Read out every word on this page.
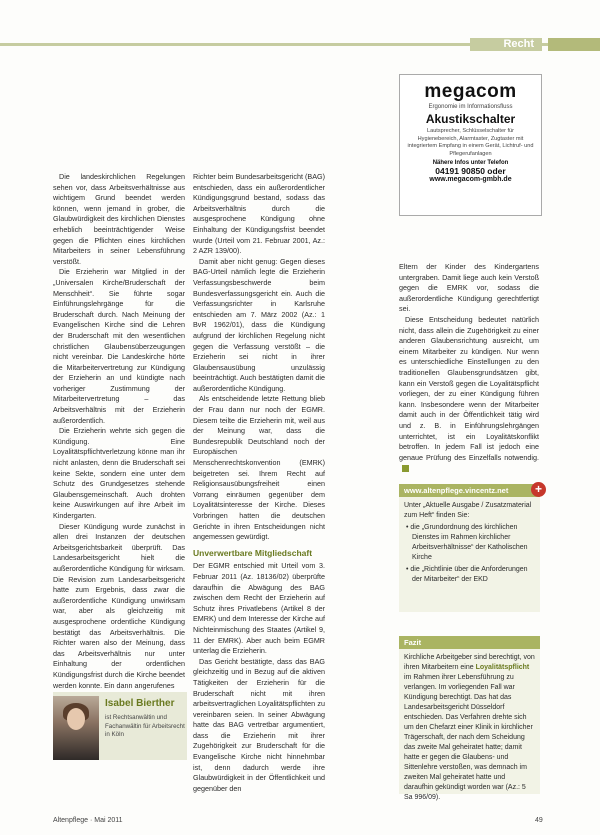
Recht
megacom
Ergonomie im Informationsfluss
Akustikschalter
Lautsprecher, Schlüsselschalter für Hygienebereich, Alarmtaster, Zugtaster mit integriertem Empfang in einem Gerät, Lichtruf- und Pflegerufanlagen
Nähere Infos unter Telefon
04191 90850 oder
www.megacom-gmbh.de

Die landeskirchlichen Regelungen sehen vor, dass Arbeitsverhältnisse aus wichtigem Grund beendet werden können, wenn jemand in grober, die Glaubwürdigkeit des kirchlichen Dienstes erheblich beeinträchtigender Weise gegen die Pflichten eines kirchlichen Mitarbeiters in seiner Lebensführung verstößt.

Die Erzieherin war Mitglied in der „Universalen Kirche/Bruderschaft der Menschheit“. Sie führte sogar Einführungslehrgänge für die Bruderschaft durch. Nach Meinung der Evangelischen Kirche sind die Lehren der Bruderschaft mit den wesentlichen christlichen Glaubensüberzeugungen nicht vereinbar. Die Landeskirche hörte die Mitarbeitervertretung zur Kündigung der Erzieherin an und kündigte nach vorheriger Zustimmung der Mitarbeitervertretung – das Arbeitsverhältnis mit der Erzieherin außerordentlich.

Die Erzieherin wehrte sich gegen die Kündigung. Eine Loyalitätspflichtverletzung könne man ihr nicht anlasten, denn die Bruderschaft sei keine Sekte, sondern eine unter dem Schutz des Grundgesetzes stehende Glaubensgemeinschaft. Auch drohten keine Auswirkungen auf ihre Arbeit im Kindergarten.

Dieser Kündigung wurde zunächst in allen drei Instanzen der deutschen Arbeitsgerichtsbarkeit überprüft. Das Landesarbeitsgericht hielt die außerordentliche Kündigung für wirksam. Die Revision zum Landesarbeitsgericht hatte zum Ergebnis, dass zwar die außerordentliche Kündigung unwirksam war, aber als gleichzeitig mit ausgesprochene ordentliche Kündigung bestätigt das Arbeitsverhältnis. Die Richter waren also der Meinung, dass das Arbeitsverhältnis nur unter Einhaltung der ordentlichen Kündigungsfrist durch die Kirche beendet werden konnte. Ein dann angerufenes

Richter beim Bundesarbeitsgericht (BAG) entschieden, dass ein außerordentlicher Kündigungsgrund bestand, sodass das Arbeitsverhältnis durch die ausgesprochene Kündigung ohne Einhaltung der Kündigungsfrist beendet wurde (Urteil vom 21. Februar 2001, Az.: 2 AZR 139/00).

Damit aber nicht genug: Gegen dieses BAG-Urteil nämlich legte die Erzieherin Verfassungsbeschwerde beim Bundesverfassungsgericht ein. Auch die Verfassungsrichter in Karlsruhe entschieden am 7. März 2002 (Az.: 1 BvR 1962/01), dass die Kündigung aufgrund der kirchlichen Regelung nicht gegen die Verfassung verstößt – die Erzieherin sei nicht in ihrer Glaubensausübung unzulässig beeinträchtigt. Auch bestätigten damit die außerordentliche Kündigung.

Als entscheidende letzte Rettung blieb der Frau dann nur noch der EGMR. Diesem teilte die Erzieherin mit, weil aus der Meinung war, dass die Bundesrepublik Deutschland noch der Europäischen Menschenrechtskonvention (EMRK) beigetreten sei. Ihrem Recht auf Religionsausübungsfreiheit einen Vorrang einräumen gegenüber dem Loyalitätsinteresse der Kirche. Dieses Vorbringen hatten die deutschen Gerichte in ihren Entscheidungen nicht angemessen gewürdigt.

Unverwertbare Mitgliedschaft

Der EGMR entschied mit Urteil vom 3. Februar 2011 (Az. 18136/02) überprüfte daraufhin die Abwägung des BAG zwischen dem Recht der Erzieherin auf Schutz ihres Privatlebens (Artikel 8 der EMRK) und dem Interesse der Kirche auf Nichteinmischung des Staates (Artikel 9, 11 der EMRK). Aber auch beim EGMR unterlag die Erzieherin.

Das Gericht bestätigte, dass das BAG gleichzeitig und in Bezug auf die aktiven Tätigkeiten der Erzieherin für die Bruderschaft nicht mit ihren arbeitsvertraglichen Loyalitätspflichten zu vereinbaren seien. In seiner Abwägung hatte das BAG vertretbar argumentiert, dass die Erzieherin mit ihrer Zugehörigkeit zur Bruderschaft für die Evangelische Kirche nicht hinnehmbar ist, denn dadurch werde ihre Glaubwürdigkeit in der Öffentlichkeit und gegenüber den

Eltern der Kinder des Kindergartens untergraben. Damit liege auch kein Verstoß gegen die EMRK vor, sodass die außerordentliche Kündigung gerechtfertigt sei.

Diese Entscheidung bedeutet natürlich nicht, dass allein die Zugehörigkeit zu einer anderen Glaubensrichtung ausreicht, um einem Mitarbeiter zu kündigen. Nur wenn es unterschiedliche Einstellungen zu den traditionellen Glaubensgrundsätzen gibt, kann ein Verstoß gegen die Loyalitätspflicht vorliegen, der zu einer Kündigung führen kann. Insbesondere wenn der Mitarbeiter damit auch in der Öffentlichkeit tätig wird und z. B. in Einführungslehrgängen unterrichtet, ist ein Loyalitätskonflikt betroffen. In jedem Fall ist jedoch eine genaue Prüfung des Einzelfalls notwendig.

www.altenpflege.vincentz.net	+
Unter „Aktuelle Ausgabe / Zusatzmaterial zum Heft“ finden Sie:
• die „Grundordnung des kirchlichen Dienstes im Rahmen kirchlicher Arbeitsverhältnisse“ der Katholischen Kirche
• die „Richtlinie über die Anforderungen der Mitarbeiter“ der EKD
Fazit
Kirchliche Arbeitgeber sind berechtigt, von ihren Mitarbeitern eine Loyalitätspflicht im Rahmen ihrer Lebensführung zu verlangen. Im vorliegenden Fall war Kündigung berechtigt. Das hat das Landesarbeitsgericht Düsseldorf entschieden. Das Verfahren drehte sich um den Chefarzt einer Klinik in kirchlicher Trägerschaft, der nach dem Scheidung das zweite Mal geheiratet hatte; damit hatte er gegen die Glaubens- und Sittenlehre verstoßen, was demnach im zweiten Mal geheiratet hatte und daraufhin gekündigt worden war (Az.: 5 Sa 996/09).
Isabel Bierther
ist Rechtsanwältin und Fachanwältin für Arbeitsrecht in Köln
Altenpflege · Mai 2011	49
